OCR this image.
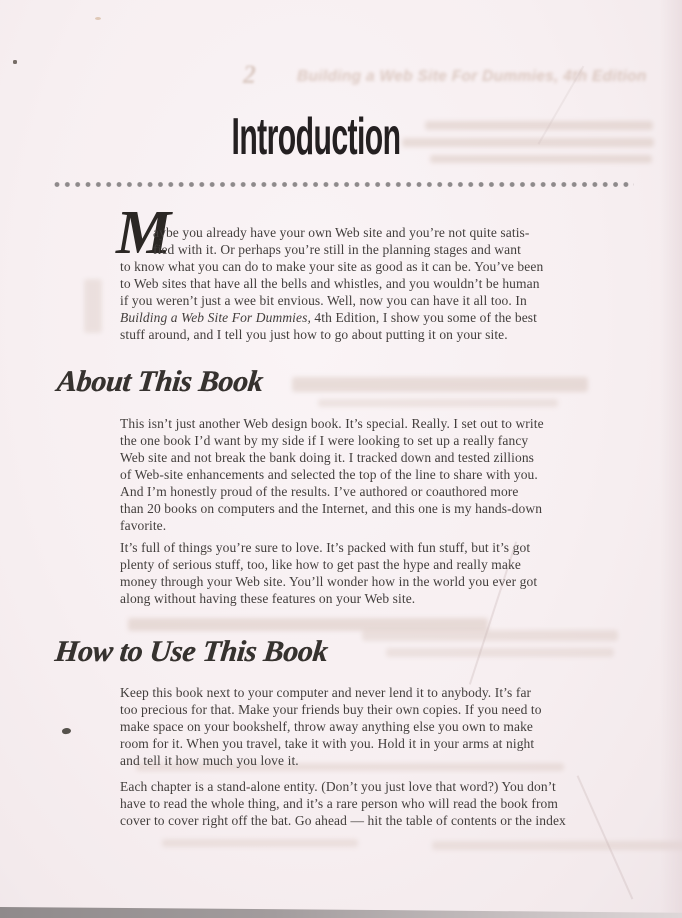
2	Building a Web Site For Dummies, 4th Edition
Introduction
M
aybe you already have your own Web site and you’re not quite satis-
fied with it. Or perhaps you’re still in the planning stages and want
to know what you can do to make your site as good as it can be. You’ve been
to Web sites that have all the bells and whistles, and you wouldn’t be human
if you weren’t just a wee bit envious. Well, now you can have it all too. In
Building a Web Site For Dummies, 4th Edition, I show you some of the best
stuff around, and I tell you just how to go about putting it on your site.
About This Book
This isn’t just another Web design book. It’s special. Really. I set out to write
the one book I’d want by my side if I were looking to set up a really fancy
Web site and not break the bank doing it. I tracked down and tested zillions
of Web-site enhancements and selected the top of the line to share with you.
And I’m honestly proud of the results. I’ve authored or coauthored more
than 20 books on computers and the Internet, and this one is my hands-down
favorite.
It’s full of things you’re sure to love. It’s packed with fun stuff, but it’s got
plenty of serious stuff, too, like how to get past the hype and really make
money through your Web site. You’ll wonder how in the world you ever got
along without having these features on your Web site.
How to Use This Book
Keep this book next to your computer and never lend it to anybody. It’s far
too precious for that. Make your friends buy their own copies. If you need to
make space on your bookshelf, throw away anything else you own to make
room for it. When you travel, take it with you. Hold it in your arms at night
and tell it how much you love it.
Each chapter is a stand-alone entity. (Don’t you just love that word?) You don’t
have to read the whole thing, and it’s a rare person who will read the book from
cover to cover right off the bat. Go ahead — hit the table of contents or the index
